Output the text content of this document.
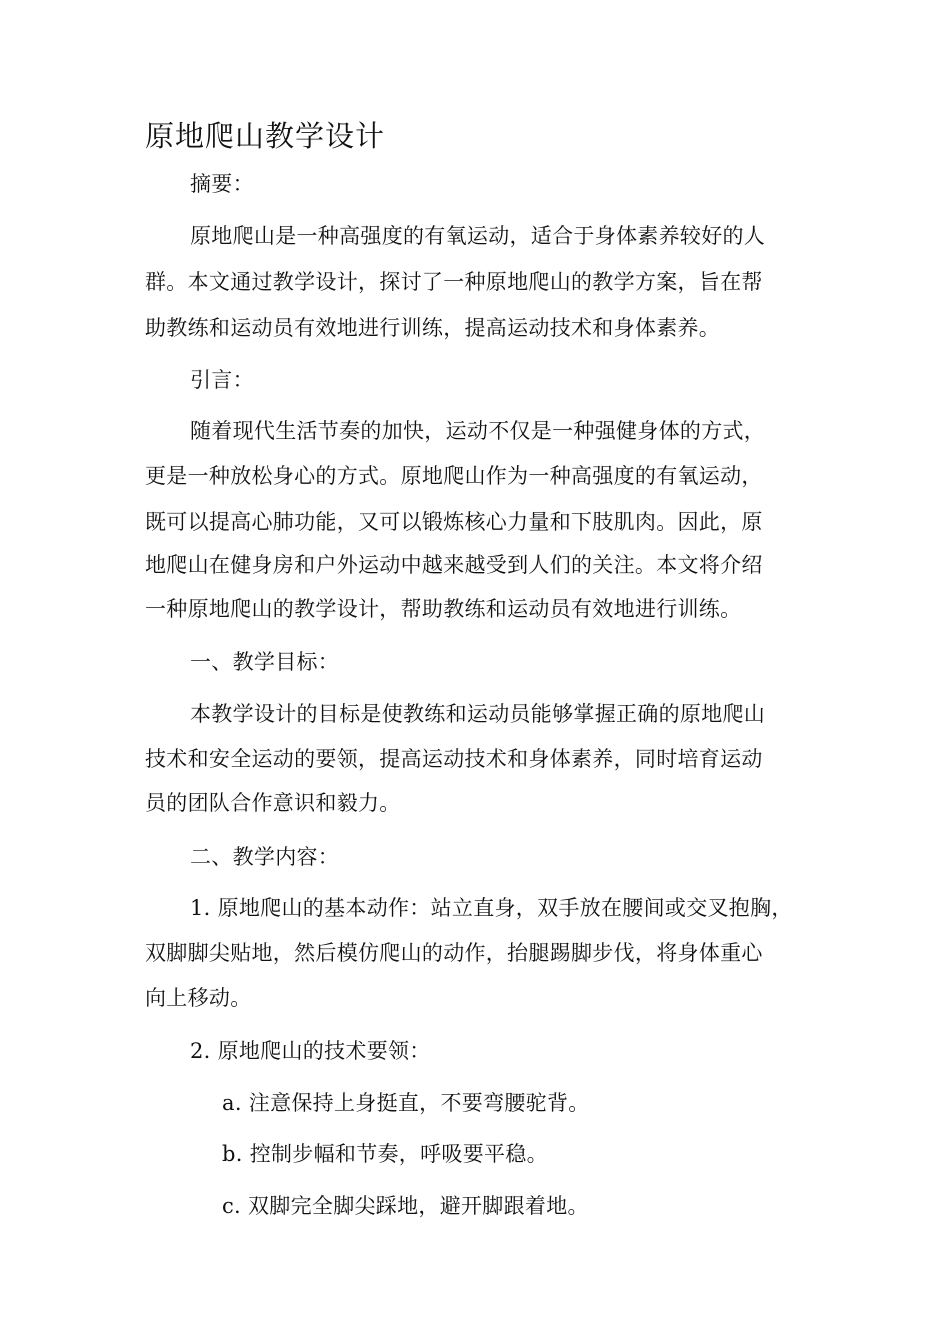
原地爬山教学设计

摘要：

原地爬山是一种高强度的有氧运动，适合于身体素养较好的人

群。本文通过教学设计，探讨了一种原地爬山的教学方案，旨在帮

助教练和运动员有效地进行训练，提高运动技术和身体素养。

引言：

随着现代生活节奏的加快，运动不仅是一种强健身体的方式，

更是一种放松身心的方式。原地爬山作为一种高强度的有氧运动，

既可以提高心肺功能，又可以锻炼核心力量和下肢肌肉。因此，原

地爬山在健身房和户外运动中越来越受到人们的关注。本文将介绍

一种原地爬山的教学设计，帮助教练和运动员有效地进行训练。

一、教学目标：

本教学设计的目标是使教练和运动员能够掌握正确的原地爬山

技术和安全运动的要领，提高运动技术和身体素养，同时培育运动

员的团队合作意识和毅力。

二、教学内容：

1. 原地爬山的基本动作：站立直身，双手放在腰间或交叉抱胸，

双脚脚尖贴地，然后模仿爬山的动作，抬腿踢脚步伐，将身体重心

向上移动。

2. 原地爬山的技术要领：

a. 注意保持上身挺直，不要弯腰驼背。

b. 控制步幅和节奏，呼吸要平稳。

c. 双脚完全脚尖踩地，避开脚跟着地。
